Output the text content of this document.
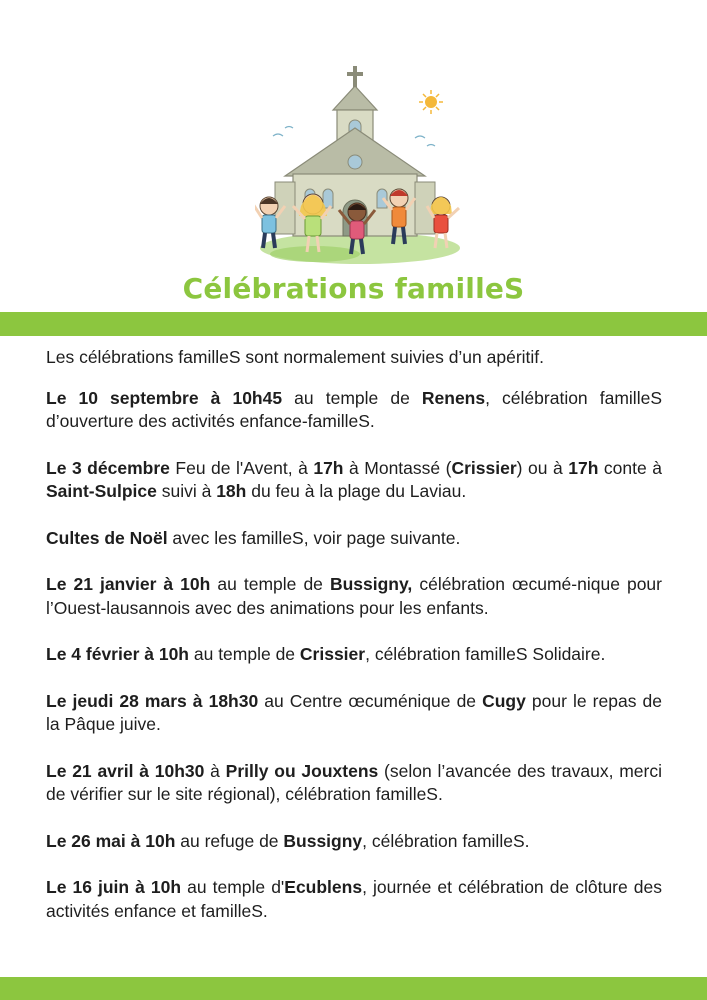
Célébrations familleS

Les célébrations familleS sont normalement suivies d’un apéritif.

Le 10 septembre à 10h45 au temple de Renens, célébration familleS d’ouverture des activités enfance-familleS.

Le 3 décembre Feu de l'Avent, à 17h à Montassé (Crissier) ou à 17h conte à Saint-Sulpice suivi à 18h du feu à la plage du Laviau.

Cultes de Noël avec les familleS, voir page suivante.

Le 21 janvier à 10h au temple de Bussigny, célébration œcumé-nique pour l’Ouest-lausannois avec des animations pour les enfants.

Le 4 février à 10h au temple de Crissier, célébration familleS Solidaire.

Le jeudi 28 mars à 18h30 au Centre œcuménique de Cugy pour le repas de la Pâque juive.

Le 21 avril à 10h30 à Prilly ou Jouxtens (selon l’avancée des travaux, merci de vérifier sur le site régional), célébration familleS.

Le 26 mai à 10h au refuge de Bussigny, célébration familleS.

Le 16 juin à 10h au temple d'Ecublens, journée et célébration de clôture des activités enfance et familleS.
